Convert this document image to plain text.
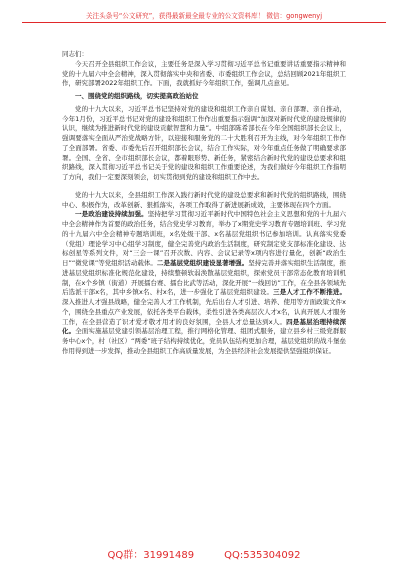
关注头条号“公文研究”，获得最新最全最专业的公文资料库！ 微信：gongwenyj

同志们：

今天召开全县组织工作会议，主要任务是深入学习贯彻习近平总书记重要讲话重要指示精神和党的十九届六中全会精神，深入贯彻落实中央和省委、市委组织工作会议，总结回顾2021年组织工作，研究部署2022年组织工作。下面，我就抓好今年组织工作，强调几点意见。

一、围绕党的组织路线，切实提高政治站位

党的十九大以来，习近平总书记坚持对党的建设和组织工作亲自谋划、亲自部署、亲自推动，今年1月份，习近平总书记对党的建设和组织工作作出重要指示强调“加深对新时代党的建设规律的认识，继续为推进新时代党的建设贡献智慧和力量”。中组部陈希部长在今年全国组织部长会议上，强调要落实全面从严治党战略方针，以迎接和服务党的二十大胜利召开为主线，对今年组织工作作了全面部署。省委、市委先后召开组织部长会议，结合工作实际，对今年重点任务做了明确要求部署。全国、全省、全市组织部长会议，都着眼形势、新任务，紧密结合新时代党的建设总要求和组织路线，深入贯彻习近平总书记关于党的建设和组织工作重要论述，为我们做好今年组织工作指明了方向，我们一定要深刻领会，切实贯彻到党的建设和组织工作中去。

党的十九大以来，全县组织工作深入践行新时代党的建设总要求和新时代党的组织路线，围绕中心、积极作为，改革创新、狠抓落实，各项工作取得了新进展新成效，主要体现在四个方面。

一是政治建设持续加强。坚持把学习贯彻习近平新时代中国特色社会主义思想和党的十九届六中全会精神作为首要的政治任务，结合党史学习教育，举办了x期党史学习教育专题培训班、学习党的十九届六中全会精神专题培训班，x名处级干部、x名基层党组织书记参加培训。认真落实党委（党组）理论学习中心组学习制度，健全完善党内政治生活制度，研究制定党支部标准化建设、达标创星等系列文件，对“三会一课”召开次数、内容、会议记录等x项内容进行量化，创新“政治生日”“微党课”等党组织活动载体。二是基层党组织建设显著增强。坚持完善并落实组织生活制度，推进基层党组织标准化规范化建设，持续整顿软弱涣散基层党组织，探索党员干部常态化教育培训机制，在x个乡镇（街道）开展擂台赛、擂台比武等活动，深化开展“一线回访”工作，在全县各领域先后选派干部x名，其中乡镇x名、村x名，进一步强化了基层党组织建设。三是人才工作不断推进。深入推进人才强县战略，健全完善人才工作机制，先后出台人才引进、培养、使用等方面政策文件x个，围绕全县重点产业发展，依托各类平台载体，柔性引进各类高层次人才x名，认真开展人才服务工作，在全县营造了识才爱才敬才用才的良好氛围，全县人才总量达到x人。四是基层治理持续深化。全面实施基层党建引领基层治理工程，推行网格化管理、组团式服务，建立县乡村三级党群服务中心x个，村（社区）“两委”班子结构持续优化，党员队伍结构更加合理，基层党组织的战斗堡垒作用得到进一步发挥，推动全县组织工作高质量发展，为全县经济社会发展提供坚强组织保证。

QQ群：31991489	QQ:535304092
